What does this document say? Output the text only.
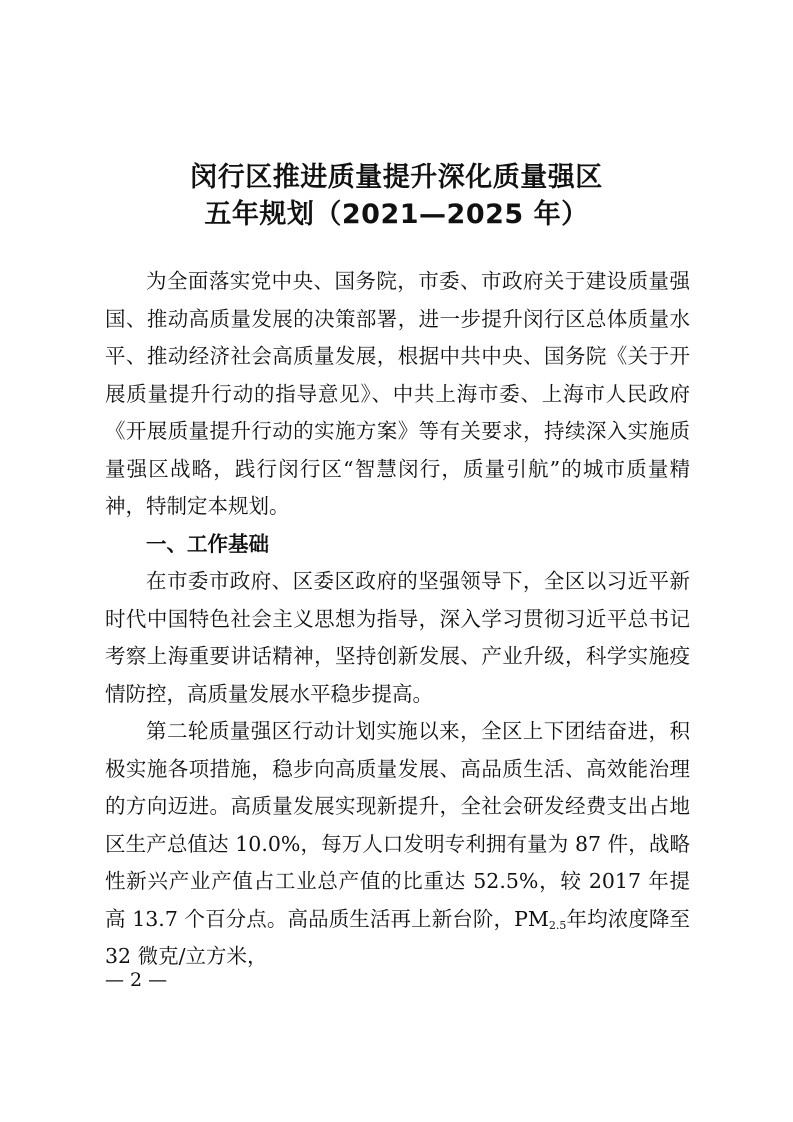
闵行区推进质量提升深化质量强区
五年规划（2021—2025 年）

为全面落实党中央、国务院，市委、市政府关于建设质量强国、推动高质量发展的决策部署，进一步提升闵行区总体质量水平、推动经济社会高质量发展，根据中共中央、国务院《关于开展质量提升行动的指导意见》、中共上海市委、上海市人民政府《开展质量提升行动的实施方案》等有关要求，持续深入实施质量强区战略，践行闵行区“智慧闵行，质量引航”的城市质量精神，特制定本规划。

一、工作基础

在市委市政府、区委区政府的坚强领导下，全区以习近平新时代中国特色社会主义思想为指导，深入学习贯彻习近平总书记考察上海重要讲话精神，坚持创新发展、产业升级，科学实施疫情防控，高质量发展水平稳步提高。

第二轮质量强区行动计划实施以来，全区上下团结奋进，积极实施各项措施，稳步向高质量发展、高品质生活、高效能治理的方向迈进。高质量发展实现新提升，全社会研发经费支出占地区生产总值达 10.0%，每万人口发明专利拥有量为 87 件，战略性新兴产业产值占工业总产值的比重达 52.5%，较 2017 年提高 13.7 个百分点。高品质生活再上新台阶，$PM_{2.5}$年均浓度降至 32 微克/立方米，

— 2 —
